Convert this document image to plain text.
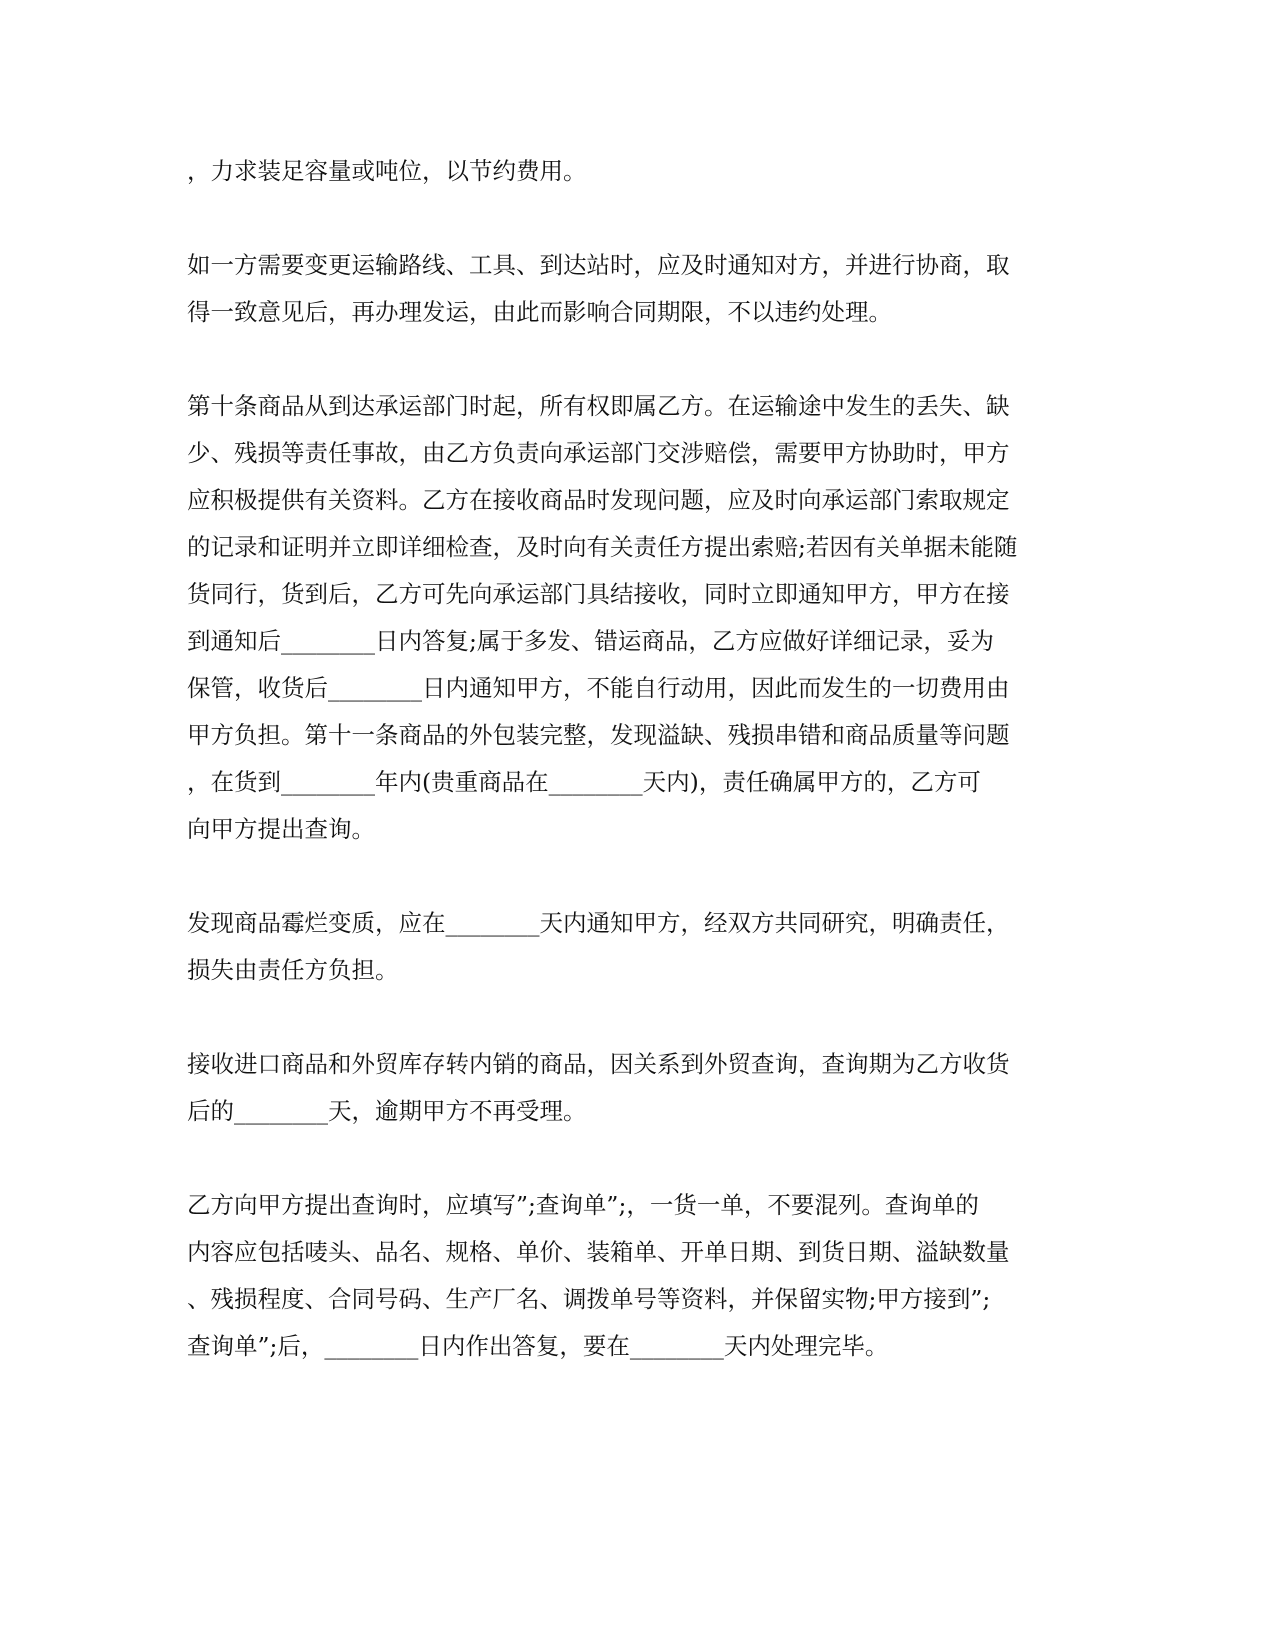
，力求装足容量或吨位，以节约费用。

如一方需要变更运输路线、工具、到达站时，应及时通知对方，并进行协商，取

得一致意见后，再办理发运，由此而影响合同期限，不以违约处理。

第十条商品从到达承运部门时起，所有权即属乙方。在运输途中发生的丢失、缺

少、残损等责任事故，由乙方负责向承运部门交涉赔偿，需要甲方协助时，甲方

应积极提供有关资料。乙方在接收商品时发现问题，应及时向承运部门索取规定

的记录和证明并立即详细检查，及时向有关责任方提出索赔;若因有关单据未能随

货同行，货到后，乙方可先向承运部门具结接收，同时立即通知甲方，甲方在接

到通知后________日内答复;属于多发、错运商品，乙方应做好详细记录，妥为

保管，收货后________日内通知甲方，不能自行动用，因此而发生的一切费用由

甲方负担。第十一条商品的外包装完整，发现溢缺、残损串错和商品质量等问题

，在货到________年内(贵重商品在________天内)，责任确属甲方的，乙方可

向甲方提出查询。

发现商品霉烂变质，应在________天内通知甲方，经双方共同研究，明确责任，

损失由责任方负担。

接收进口商品和外贸库存转内销的商品，因关系到外贸查询，查询期为乙方收货

后的________天，逾期甲方不再受理。

乙方向甲方提出查询时，应填写”;查询单”;，一货一单，不要混列。查询单的

内容应包括唛头、品名、规格、单价、装箱单、开单日期、到货日期、溢缺数量

、残损程度、合同号码、生产厂名、调拨单号等资料，并保留实物;甲方接到”;

查询单”;后，________日内作出答复，要在________天内处理完毕。
